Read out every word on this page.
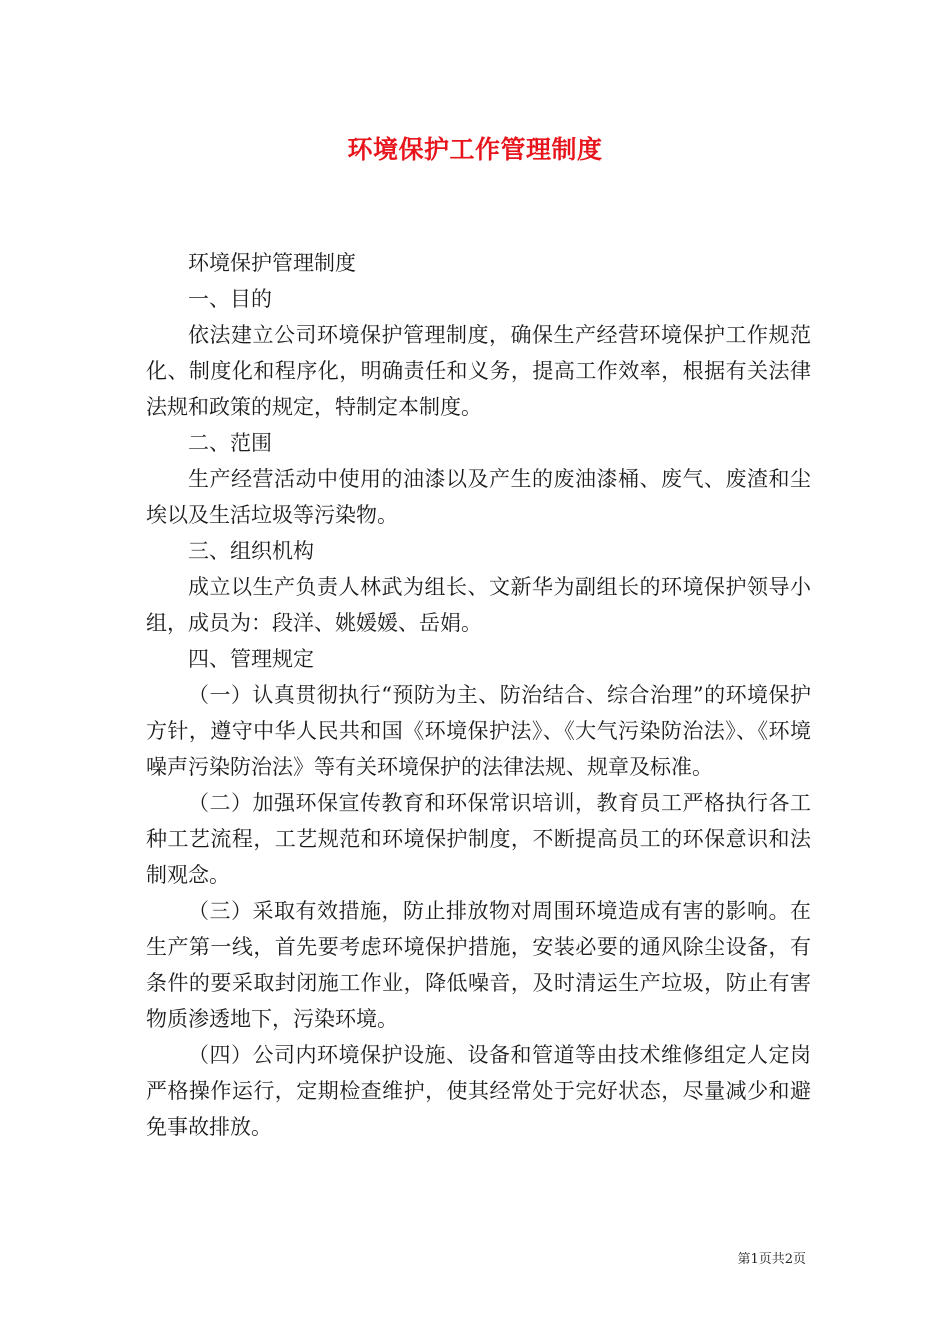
环境保护工作管理制度

环境保护管理制度

一、目的

依法建立公司环境保护管理制度，确保生产经营环境保护工作规范化、制度化和程序化，明确责任和义务，提高工作效率，根据有关法律法规和政策的规定，特制定本制度。

二、范围

生产经营活动中使用的油漆以及产生的废油漆桶、废气、废渣和尘埃以及生活垃圾等污染物。

三、组织机构

成立以生产负责人林武为组长、文新华为副组长的环境保护领导小组，成员为：段洋、姚媛媛、岳娟。

四、管理规定

（一）认真贯彻执行“预防为主、防治结合、综合治理”的环境保护方针，遵守中华人民共和国《环境保护法》、《大气污染防治法》、《环境噪声污染防治法》等有关环境保护的法律法规、规章及标准。

（二）加强环保宣传教育和环保常识培训，教育员工严格执行各工种工艺流程，工艺规范和环境保护制度，不断提高员工的环保意识和法制观念。

（三）采取有效措施，防止排放物对周围环境造成有害的影响。在生产第一线，首先要考虑环境保护措施，安装必要的通风除尘设备，有条件的要采取封闭施工作业，降低噪音，及时清运生产垃圾，防止有害物质渗透地下，污染环境。

（四）公司内环境保护设施、设备和管道等由技术维修组定人定岗严格操作运行，定期检查维护，使其经常处于完好状态，尽量减少和避免事故排放。

第1页共2页
